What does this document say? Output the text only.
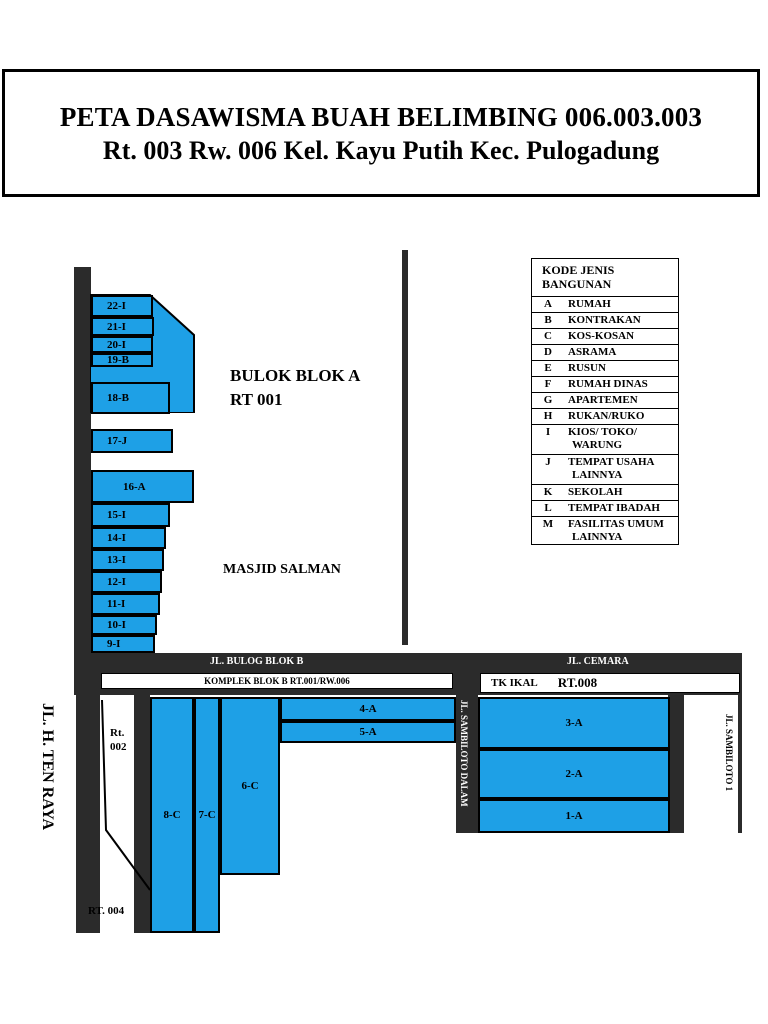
PETA DASAWISMA BUAH BELIMBING 006.003.003
Rt. 003 Rw. 006 Kel. Kayu Putih Kec. Pulogadung
KOMPLEK BLOK B RT.001/RW.006	TK IKAL RT.008
22-I
21-I
20-I
19-B
18-B
17-J
16-A
15-I
14-I
13-I
12-I
11-I
10-I
9-I
8-C 7-C
6-C
4-A
5-A
3-A
2-A
1-A
BULOK BLOK A
RT 001
MASJID SALMAN
Rt.
002
RT. 004
JL. BULOG BLOK B	JL. CEMARA
JL. H. TEN RAYA	JL. SAMBILOTO DALAM	JL. SAMBILOTO 1
KODE JENIS
BANGUNAN
A	RUMAH
B	KONTRAKAN
C	KOS-KOSAN
D	ASRAMA
E	RUSUN
F	RUMAH DINAS
G	APARTEMEN
H	RUKAN/RUKO
I	KIOS/ TOKO/
WARUNG
J	TEMPAT USAHA
LAINNYA
K	SEKOLAH
L	TEMPAT IBADAH
M	FASILITAS UMUM
LAINNYA
